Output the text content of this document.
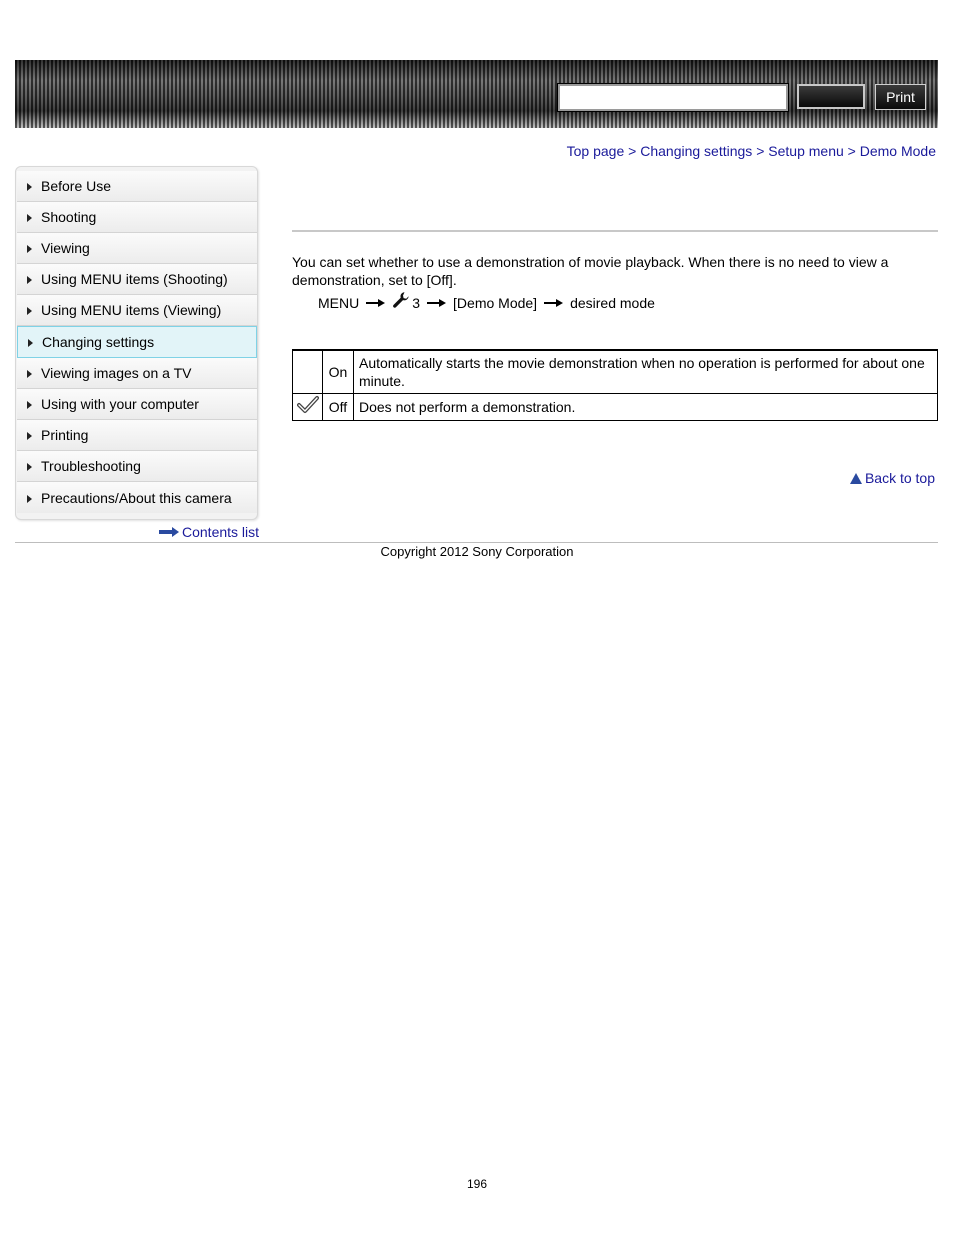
Print
Top page > Changing settings > Setup menu > Demo Mode
Before Use
Shooting
Viewing
Using MENU items (Shooting)
Using MENU items (Viewing)
Changing settings
Viewing images on a TV
Using with your computer
Printing
Troubleshooting
Precautions/About this camera
Contents list
You can set whether to use a demonstration of movie playback. When there is no need to view a demonstration, set to [Off].
MENU	3 [Demo Mode] desired mode
	On	Automatically starts the movie demonstration when no operation is performed for about one minute.
	Off	Does not perform a demonstration.
Back to top
Copyright 2012 Sony Corporation
196
